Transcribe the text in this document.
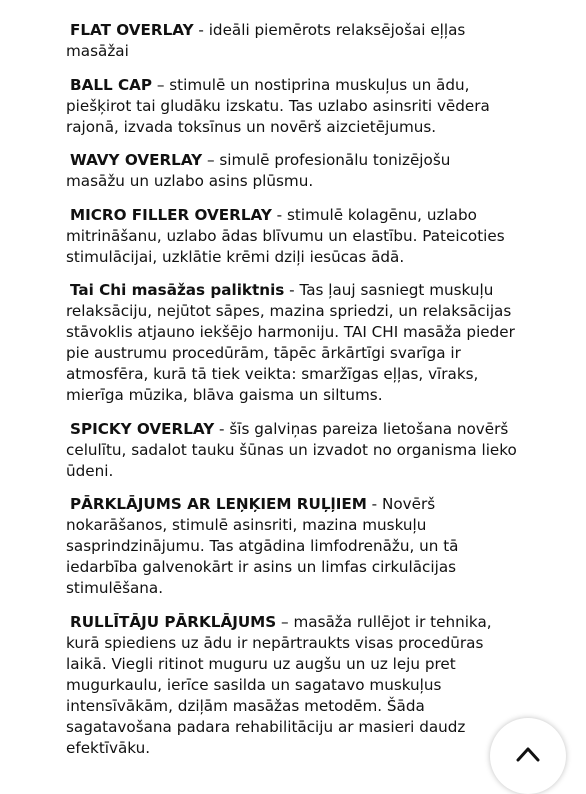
FLAT OVERLAY - ideāli piemērots relaksējošai eļļas
masāžai

BALL CAP – stimulē un nostiprina muskuļus un ādu,
piešķirot tai gludāku izskatu. Tas uzlabo asinsriti vēdera
rajonā, izvada toksīnus un novērš aizcietējumus.

WAVY OVERLAY – simulē profesionālu tonizējošu
masāžu un uzlabo asins plūsmu.

MICRO FILLER OVERLAY - stimulē kolagēnu, uzlabo
mitrināšanu, uzlabo ādas blīvumu un elastību. Pateicoties
stimulācijai, uzklātie krēmi dziļi iesūcas ādā.

Tai Chi masāžas paliktnis - Tas ļauj sasniegt muskuļu
relaksāciju, nejūtot sāpes, mazina spriedzi, un relaksācijas
stāvoklis atjauno iekšējo harmoniju. TAI CHI masāža pieder
pie austrumu procedūrām, tāpēc ārkārtīgi svarīga ir
atmosfēra, kurā tā tiek veikta: smaržīgas eļļas, vīraks,
mierīga mūzika, blāva gaisma un siltums.

SPICKY OVERLAY - šīs galviņas pareiza lietošana novērš
celulītu, sadalot tauku šūnas un izvadot no organisma lieko
ūdeni.

PĀRKLĀJUMS AR LEŅĶIEM RUĻļIEM - Novērš
nokarāšanos, stimulē asinsriti, mazina muskuļu
sasprindzinājumu. Tas atgādina limfodrenāžu, un tā
iedarbība galvenokārt ir asins un limfas cirkulācijas
stimulēšana.

RULLĪTĀJU PĀRKLĀJUMS – masāža rullējot ir tehnika,
kurā spiediens uz ādu ir nepārtraukts visas procedūras
laikā. Viegli ritinot muguru uz augšu un uz leju pret
mugurkaulu, ierīce sasilda un sagatavo muskuļus
intensīvākām, dziļām masāžas metodēm. Šāda
sagatavošana padara rehabilitāciju ar masieri daudz
efektīvāku.
